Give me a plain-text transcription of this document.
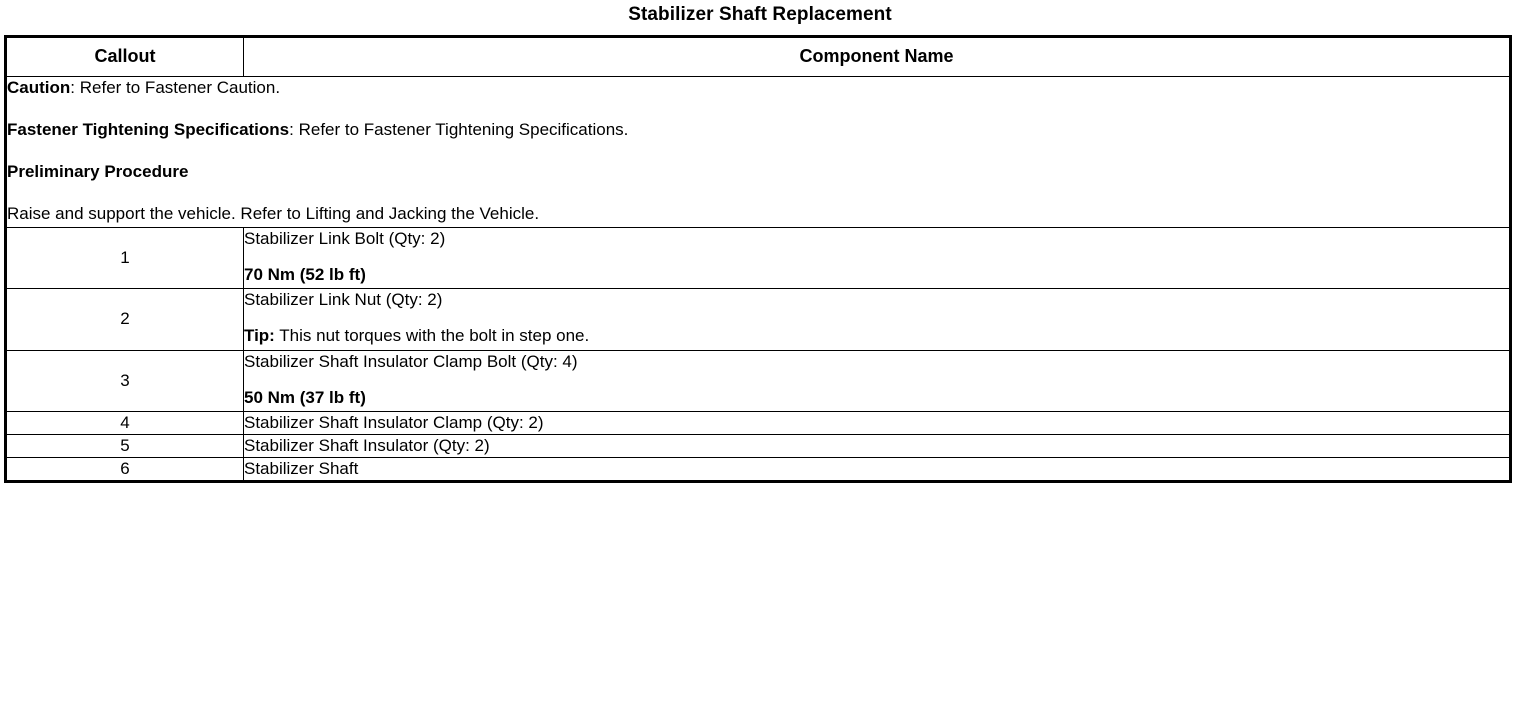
Stabilizer Shaft Replacement
Callout	Component Name

Caution: Refer to Fastener Caution.

Fastener Tightening Specifications: Refer to Fastener Tightening Specifications.

Preliminary Procedure

Raise and support the vehicle. Refer to Lifting and Jacking the Vehicle.	

1	Stabilizer Link Bolt (Qty: 2)
70 Nm (52 lb ft)

2	Stabilizer Link Nut (Qty: 2)
Tip: This nut torques with the bolt in step one.

3	Stabilizer Shaft Insulator Clamp Bolt (Qty: 4)
50 Nm (37 lb ft)

4	Stabilizer Shaft Insulator Clamp (Qty: 2)

5	Stabilizer Shaft Insulator (Qty: 2)

6	Stabilizer Shaft
